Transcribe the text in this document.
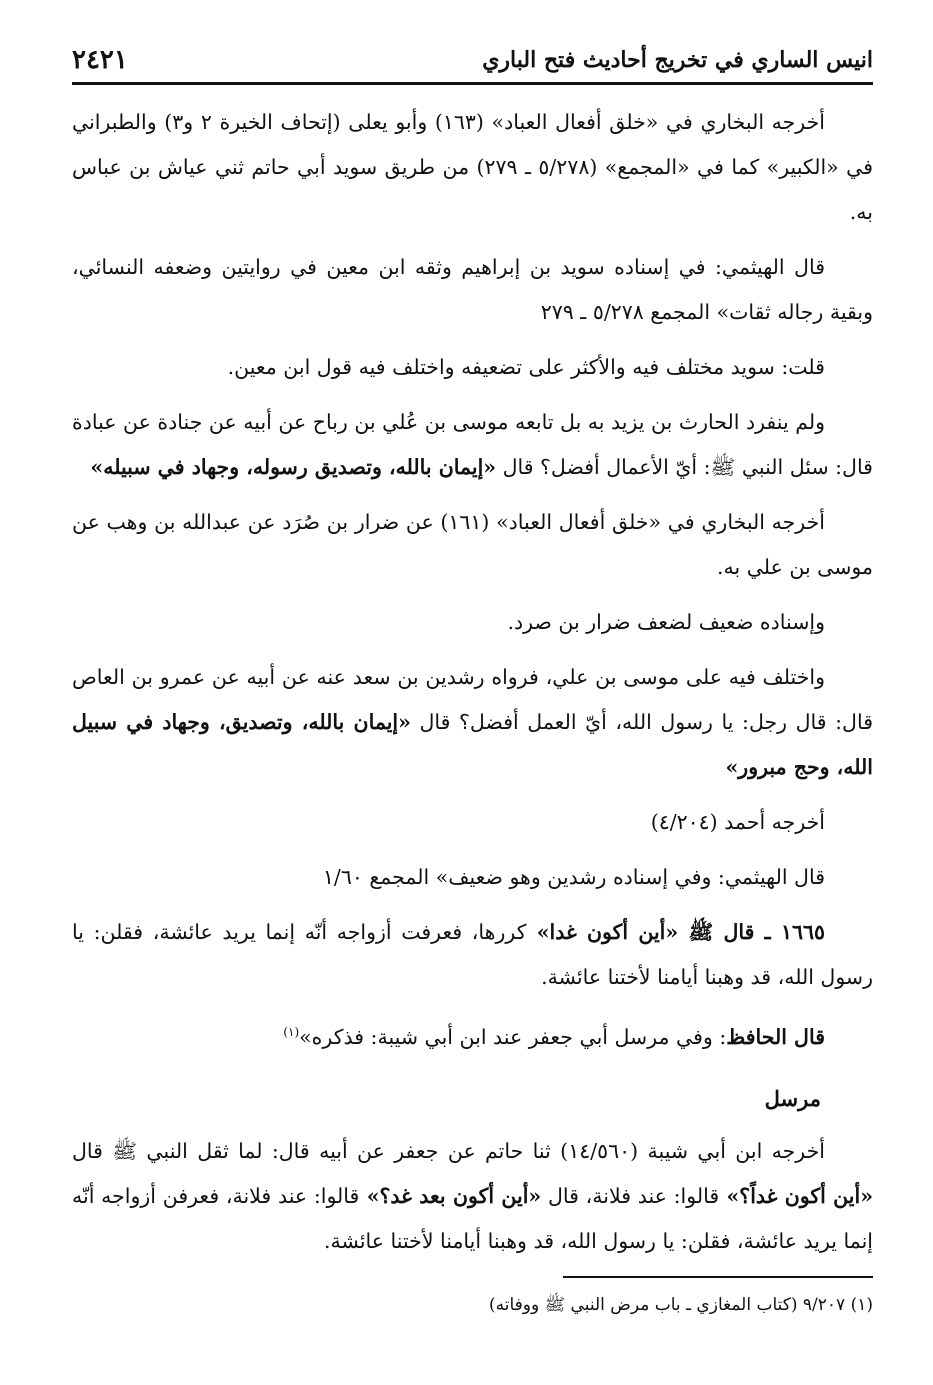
انيس الساري في تخريج أحاديث فتح الباري
٢٤٢١

أخرجه البخاري في «خلق أفعال العباد» (١٦٣) وأبو يعلى (إتحاف الخيرة ٢ و٣) والطبراني في «الكبير» كما في «المجمع» (٥/٢٧٨ ـ ٢٧٩) من طريق سويد أبي حاتم ثني عياش بن عباس به.

قال الهيثمي: في إسناده سويد بن إبراهيم وثقه ابن معين في روايتين وضعفه النسائي، وبقية رجاله ثقات» المجمع ٥/٢٧٨ ـ ٢٧٩

قلت: سويد مختلف فيه والأكثر على تضعيفه واختلف فيه قول ابن معين.

ولم ينفرد الحارث بن يزيد به بل تابعه موسى بن عُلي بن رباح عن أبيه عن جنادة عن عبادة قال: سئل النبي ﷺ: أيّ الأعمال أفضل؟ قال «إيمان بالله، وتصديق رسوله، وجهاد في سبيله»

أخرجه البخاري في «خلق أفعال العباد» (١٦١) عن ضرار بن صُرَد عن عبدالله بن وهب عن موسى بن علي به.

وإسناده ضعيف لضعف ضرار بن صرد.

واختلف فيه على موسى بن علي، فرواه رشدين بن سعد عنه عن أبيه عن عمرو بن العاص قال: قال رجل: يا رسول الله، أيّ العمل أفضل؟ قال «إيمان بالله، وتصديق، وجهاد في سبيل الله، وحج مبرور»

أخرجه أحمد (٤/٢٠٤)

قال الهيثمي: وفي إسناده رشدين وهو ضعيف» المجمع ١/٦٠

١٦٦٥ ـ قال ﷺ «أين أكون غدا» كررها، فعرفت أزواجه أنّه إنما يريد عائشة، فقلن: يا رسول الله، قد وهبنا أيامنا لأختنا عائشة.

قال الحافظ: وفي مرسل أبي جعفر عند ابن أبي شيبة: فذكره»$^{(١)}$

مرسل

أخرجه ابن أبي شيبة (١٤/٥٦٠) ثنا حاتم عن جعفر عن أبيه قال: لما ثقل النبي ﷺ قال «أين أكون غداً؟» قالوا: عند فلانة، قال «أين أكون بعد غد؟» قالوا: عند فلانة، فعرفن أزواجه أنّه إنما يريد عائشة، فقلن: يا رسول الله، قد وهبنا أيامنا لأختنا عائشة.

(١) ٩/٢٠٧ (كتاب المغازي ـ باب مرض النبي ﷺ ووفاته)
